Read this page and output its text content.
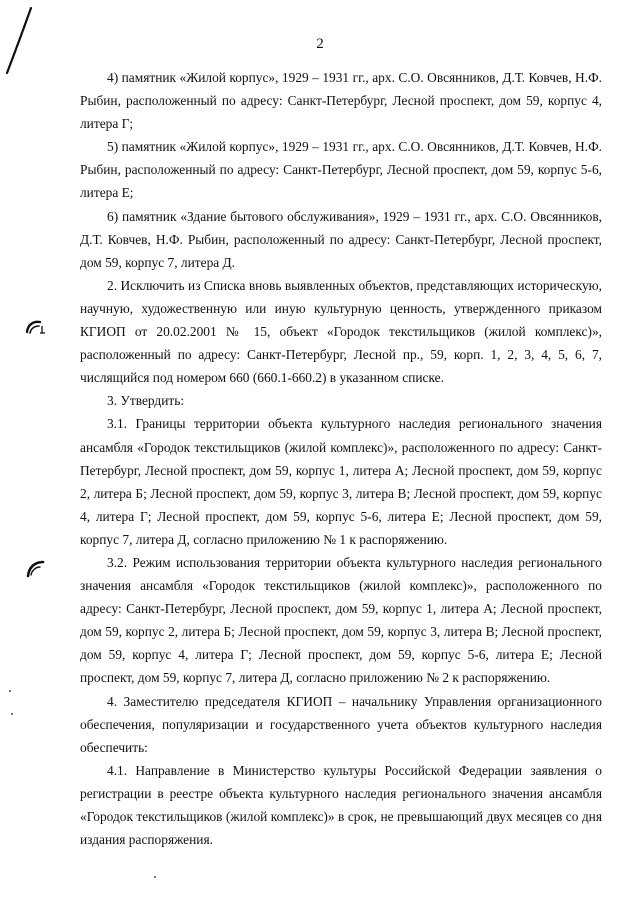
2

4) памятник «Жилой корпус», 1929 – 1931 гг., арх. С.О. Овсянников, Д.Т. Ковчев, Н.Ф. Рыбин, расположенный по адресу: Санкт-Петербург, Лесной проспект, дом 59, корпус 4, литера Г;

5) памятник «Жилой корпус», 1929 – 1931 гг., арх. С.О. Овсянников, Д.Т. Ковчев, Н.Ф. Рыбин, расположенный по адресу: Санкт-Петербург, Лесной проспект, дом 59, корпус 5-6, литера Е;

6) памятник «Здание бытового обслуживания», 1929 – 1931 гг., арх. С.О. Овсянников, Д.Т. Ковчев, Н.Ф. Рыбин, расположенный по адресу: Санкт-Петербург, Лесной проспект, дом 59, корпус 7, литера Д.

2. Исключить из Списка вновь выявленных объектов, представляющих историческую, научную, художественную или иную культурную ценность, утвержденного приказом КГИОП от 20.02.2001 № 15, объект «Городок текстильщиков (жилой комплекс)», расположенный по адресу: Санкт-Петербург, Лесной пр., 59, корп. 1, 2, 3, 4, 5, 6, 7, числящийся под номером 660 (660.1-660.2) в указанном списке.

3. Утвердить:

3.1. Границы территории объекта культурного наследия регионального значения ансамбля «Городок текстильщиков (жилой комплекс)», расположенного по адресу: Санкт-Петербург, Лесной проспект, дом 59, корпус 1, литера А; Лесной проспект, дом 59, корпус 2, литера Б; Лесной проспект, дом 59, корпус 3, литера В; Лесной проспект, дом 59, корпус 4, литера Г; Лесной проспект, дом 59, корпус 5-6, литера Е; Лесной проспект, дом 59, корпус 7, литера Д, согласно приложению № 1 к распоряжению.

3.2. Режим использования территории объекта культурного наследия регионального значения ансамбля «Городок текстильщиков (жилой комплекс)», расположенного по адресу: Санкт-Петербург, Лесной проспект, дом 59, корпус 1, литера А; Лесной проспект, дом 59, корпус 2, литера Б; Лесной проспект, дом 59, корпус 3, литера В; Лесной проспект, дом 59, корпус 4, литера Г; Лесной проспект, дом 59, корпус 5-6, литера Е; Лесной проспект, дом 59, корпус 7, литера Д, согласно приложению № 2 к распоряжению.

4. Заместителю председателя КГИОП – начальнику Управления организационного обеспечения, популяризации и государственного учета объектов культурного наследия обеспечить:

4.1. Направление в Министерство культуры Российской Федерации заявления о регистрации в реестре объекта культурного наследия регионального значения ансамбля «Городок текстильщиков (жилой комплекс)» в срок, не превышающий двух месяцев со дня издания распоряжения.
